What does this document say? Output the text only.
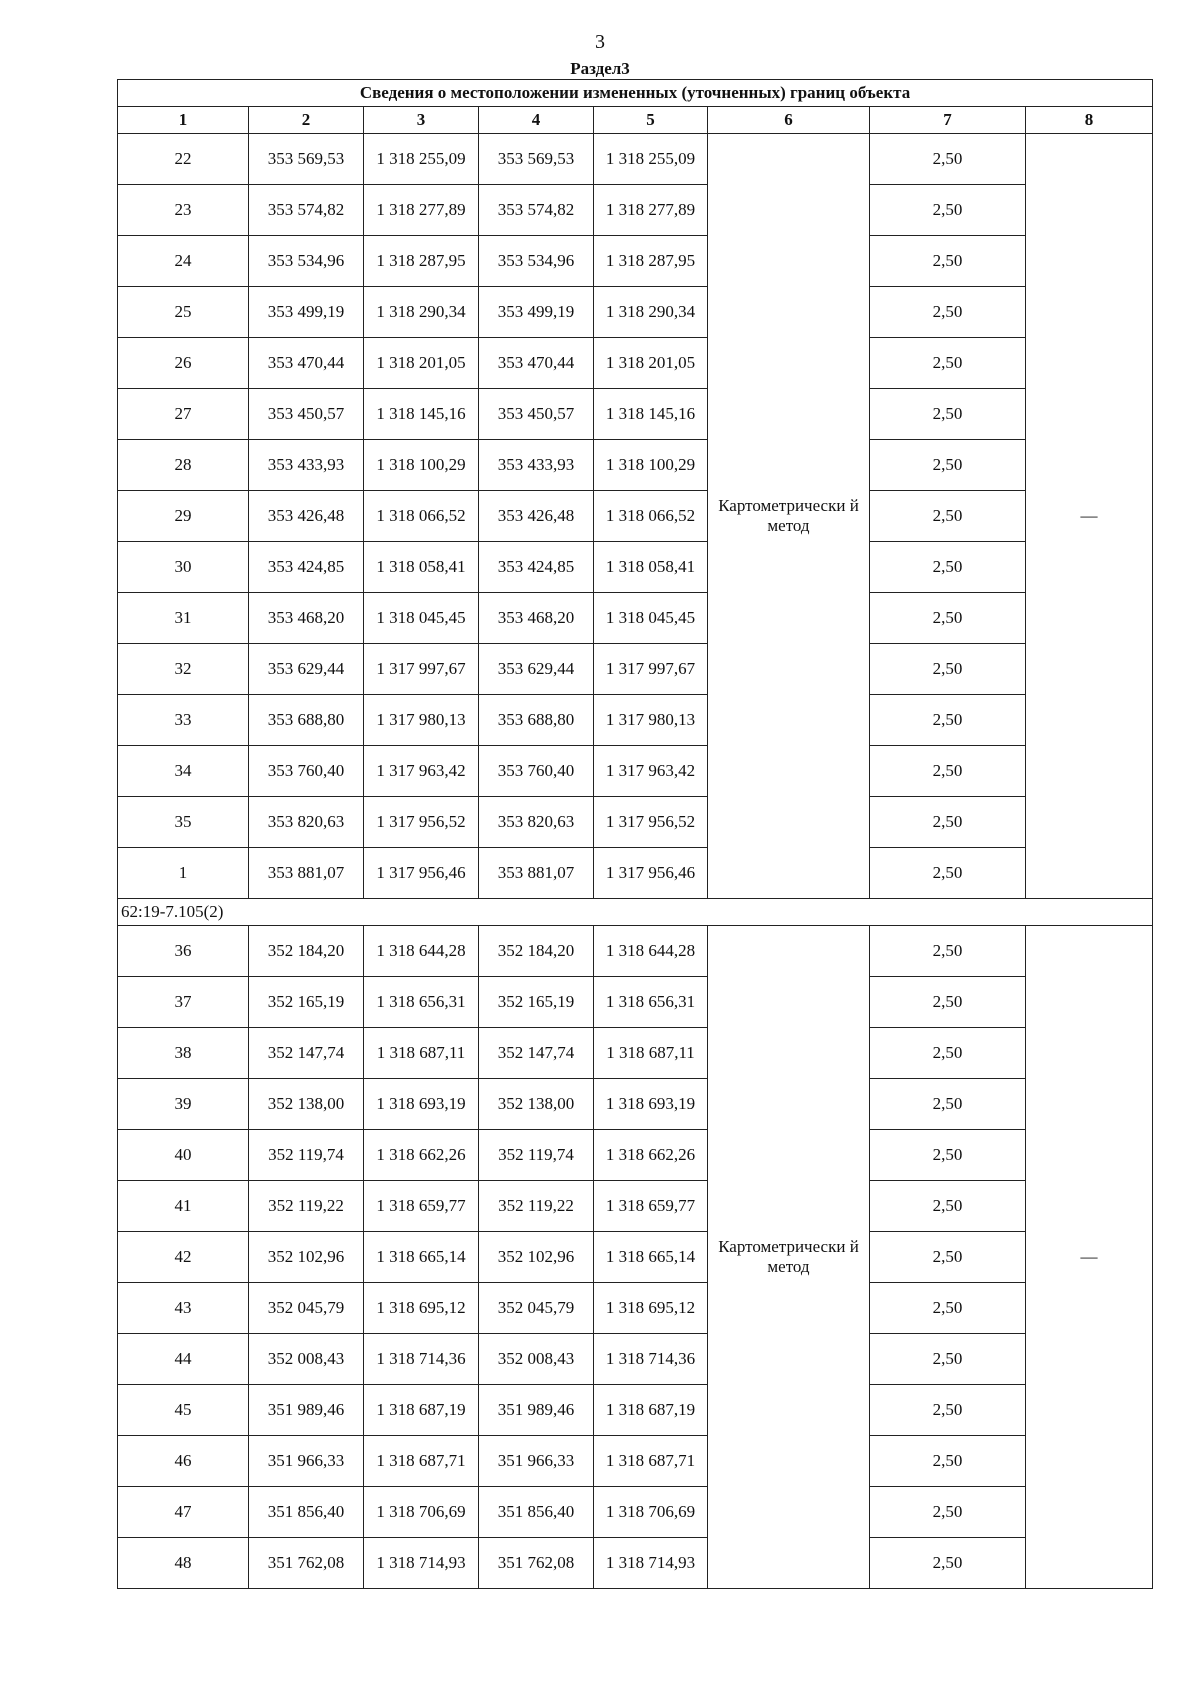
3
Раздел3
Сведения о местоположении измененных (уточненных) границ объекта							
1	2	3	4	5	6	7	8
22	353 569,53	1 318 255,09	353 569,53	1 318 255,09	Картометрически й метод	2,50	—
23	353 574,82	1 318 277,89	353 574,82	1 318 277,89		2,50	
24	353 534,96	1 318 287,95	353 534,96	1 318 287,95		2,50	
25	353 499,19	1 318 290,34	353 499,19	1 318 290,34		2,50	
26	353 470,44	1 318 201,05	353 470,44	1 318 201,05		2,50	
27	353 450,57	1 318 145,16	353 450,57	1 318 145,16		2,50	
28	353 433,93	1 318 100,29	353 433,93	1 318 100,29		2,50	
29	353 426,48	1 318 066,52	353 426,48	1 318 066,52		2,50	
30	353 424,85	1 318 058,41	353 424,85	1 318 058,41		2,50	
31	353 468,20	1 318 045,45	353 468,20	1 318 045,45		2,50	
32	353 629,44	1 317 997,67	353 629,44	1 317 997,67		2,50	
33	353 688,80	1 317 980,13	353 688,80	1 317 980,13		2,50	
34	353 760,40	1 317 963,42	353 760,40	1 317 963,42		2,50	
35	353 820,63	1 317 956,52	353 820,63	1 317 956,52		2,50	
1	353 881,07	1 317 956,46	353 881,07	1 317 956,46		2,50	
62:19-7.105(2)							
36	352 184,20	1 318 644,28	352 184,20	1 318 644,28	Картометрически й метод	2,50	—
37	352 165,19	1 318 656,31	352 165,19	1 318 656,31		2,50	
38	352 147,74	1 318 687,11	352 147,74	1 318 687,11		2,50	
39	352 138,00	1 318 693,19	352 138,00	1 318 693,19		2,50	
40	352 119,74	1 318 662,26	352 119,74	1 318 662,26		2,50	
41	352 119,22	1 318 659,77	352 119,22	1 318 659,77		2,50	
42	352 102,96	1 318 665,14	352 102,96	1 318 665,14		2,50	
43	352 045,79	1 318 695,12	352 045,79	1 318 695,12		2,50	
44	352 008,43	1 318 714,36	352 008,43	1 318 714,36		2,50	
45	351 989,46	1 318 687,19	351 989,46	1 318 687,19		2,50	
46	351 966,33	1 318 687,71	351 966,33	1 318 687,71		2,50	
47	351 856,40	1 318 706,69	351 856,40	1 318 706,69		2,50	
48	351 762,08	1 318 714,93	351 762,08	1 318 714,93		2,50	
